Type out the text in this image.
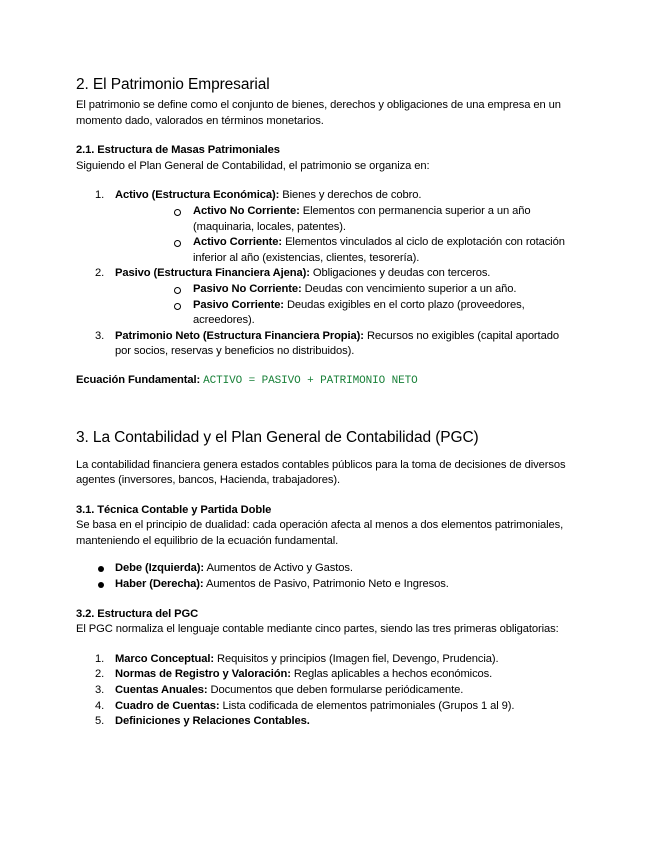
2. El Patrimonio Empresarial

El patrimonio se define como el conjunto de bienes, derechos y obligaciones de una empresa en un momento dado, valorados en términos monetarios.

2.1. Estructura de Masas Patrimoniales

Siguiendo el Plan General de Contabilidad, el patrimonio se organiza en:

1. Activo (Estructura Económica): Bienes y derechos de cobro.
Activo No Corriente: Elementos con permanencia superior a un año (maquinaria, locales, patentes).
Activo Corriente: Elementos vinculados al ciclo de explotación con rotación inferior al año (existencias, clientes, tesorería).
2. Pasivo (Estructura Financiera Ajena): Obligaciones y deudas con terceros.
Pasivo No Corriente: Deudas con vencimiento superior a un año.
Pasivo Corriente: Deudas exigibles en el corto plazo (proveedores, acreedores).
3. Patrimonio Neto (Estructura Financiera Propia): Recursos no exigibles (capital aportado por socios, reservas y beneficios no distribuidos).

Ecuación Fundamental: ACTIVO = PASIVO + PATRIMONIO NETO

3. La Contabilidad y el Plan General de Contabilidad (PGC)

La contabilidad financiera genera estados contables públicos para la toma de decisiones de diversos agentes (inversores, bancos, Hacienda, trabajadores).

3.1. Técnica Contable y Partida Doble

Se basa en el principio de dualidad: cada operación afecta al menos a dos elementos patrimoniales, manteniendo el equilibrio de la ecuación fundamental.

Debe (Izquierda): Aumentos de Activo y Gastos.
Haber (Derecha): Aumentos de Pasivo, Patrimonio Neto e Ingresos.
3.2. Estructura del PGC

El PGC normaliza el lenguaje contable mediante cinco partes, siendo las tres primeras obligatorias:

1. Marco Conceptual: Requisitos y principios (Imagen fiel, Devengo, Prudencia).
2. Normas de Registro y Valoración: Reglas aplicables a hechos económicos.
3. Cuentas Anuales: Documentos que deben formularse periódicamente.
4. Cuadro de Cuentas: Lista codificada de elementos patrimoniales (Grupos 1 al 9).
5. Definiciones y Relaciones Contables.
